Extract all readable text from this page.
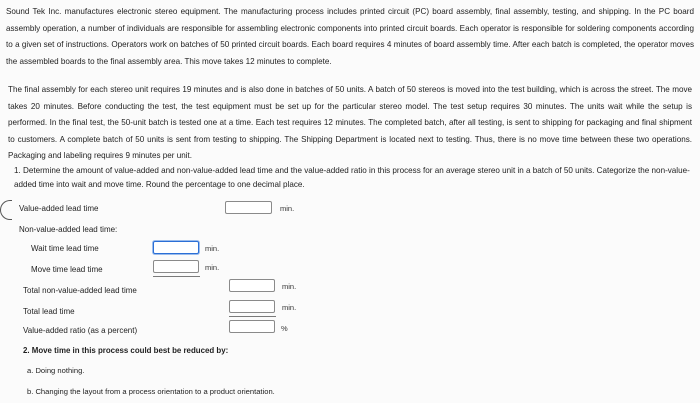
Sound Tek Inc. manufactures electronic stereo equipment. The manufacturing process includes printed circuit (PC) board assembly, final assembly, testing, and shipping. In the PC board assembly operation, a number of individuals are responsible for assembling electronic components into printed circuit boards. Each operator is responsible for soldering components according to a given set of instructions. Operators work on batches of 50 printed circuit boards. Each board requires 4 minutes of board assembly time. After each batch is completed, the operator moves the assembled boards to the final assembly area. This move takes 12 minutes to complete.

The final assembly for each stereo unit requires 19 minutes and is also done in batches of 50 units. A batch of 50 stereos is moved into the test building, which is across the street. The move takes 20 minutes. Before conducting the test, the test equipment must be set up for the particular stereo model. The test setup requires 30 minutes. The units wait while the setup is performed. In the final test, the 50-unit batch is tested one at a time. Each test requires 12 minutes. The completed batch, after all testing, is sent to shipping for packaging and final shipment to customers. A complete batch of 50 units is sent from testing to shipping. The Shipping Department is located next to testing. Thus, there is no move time between these two operations. Packaging and labeling requires 9 minutes per unit.

1. Determine the amount of value-added and non-value-added lead time and the value-added ratio in this process for an average stereo unit in a batch of 50 units. Categorize the non-value-added time into wait and move time. Round the percentage to one decimal place.
Value-added lead time	min.
Non-value-added lead time:
Wait time lead time	min.
Move time lead time	min.
Total non-value-added lead time	min.
Total lead time	min.
Value-added ratio (as a percent)	%
2. Move time in this process could best be reduced by:
a. Doing nothing.
b. Changing the layout from a process orientation to a product orientation.
